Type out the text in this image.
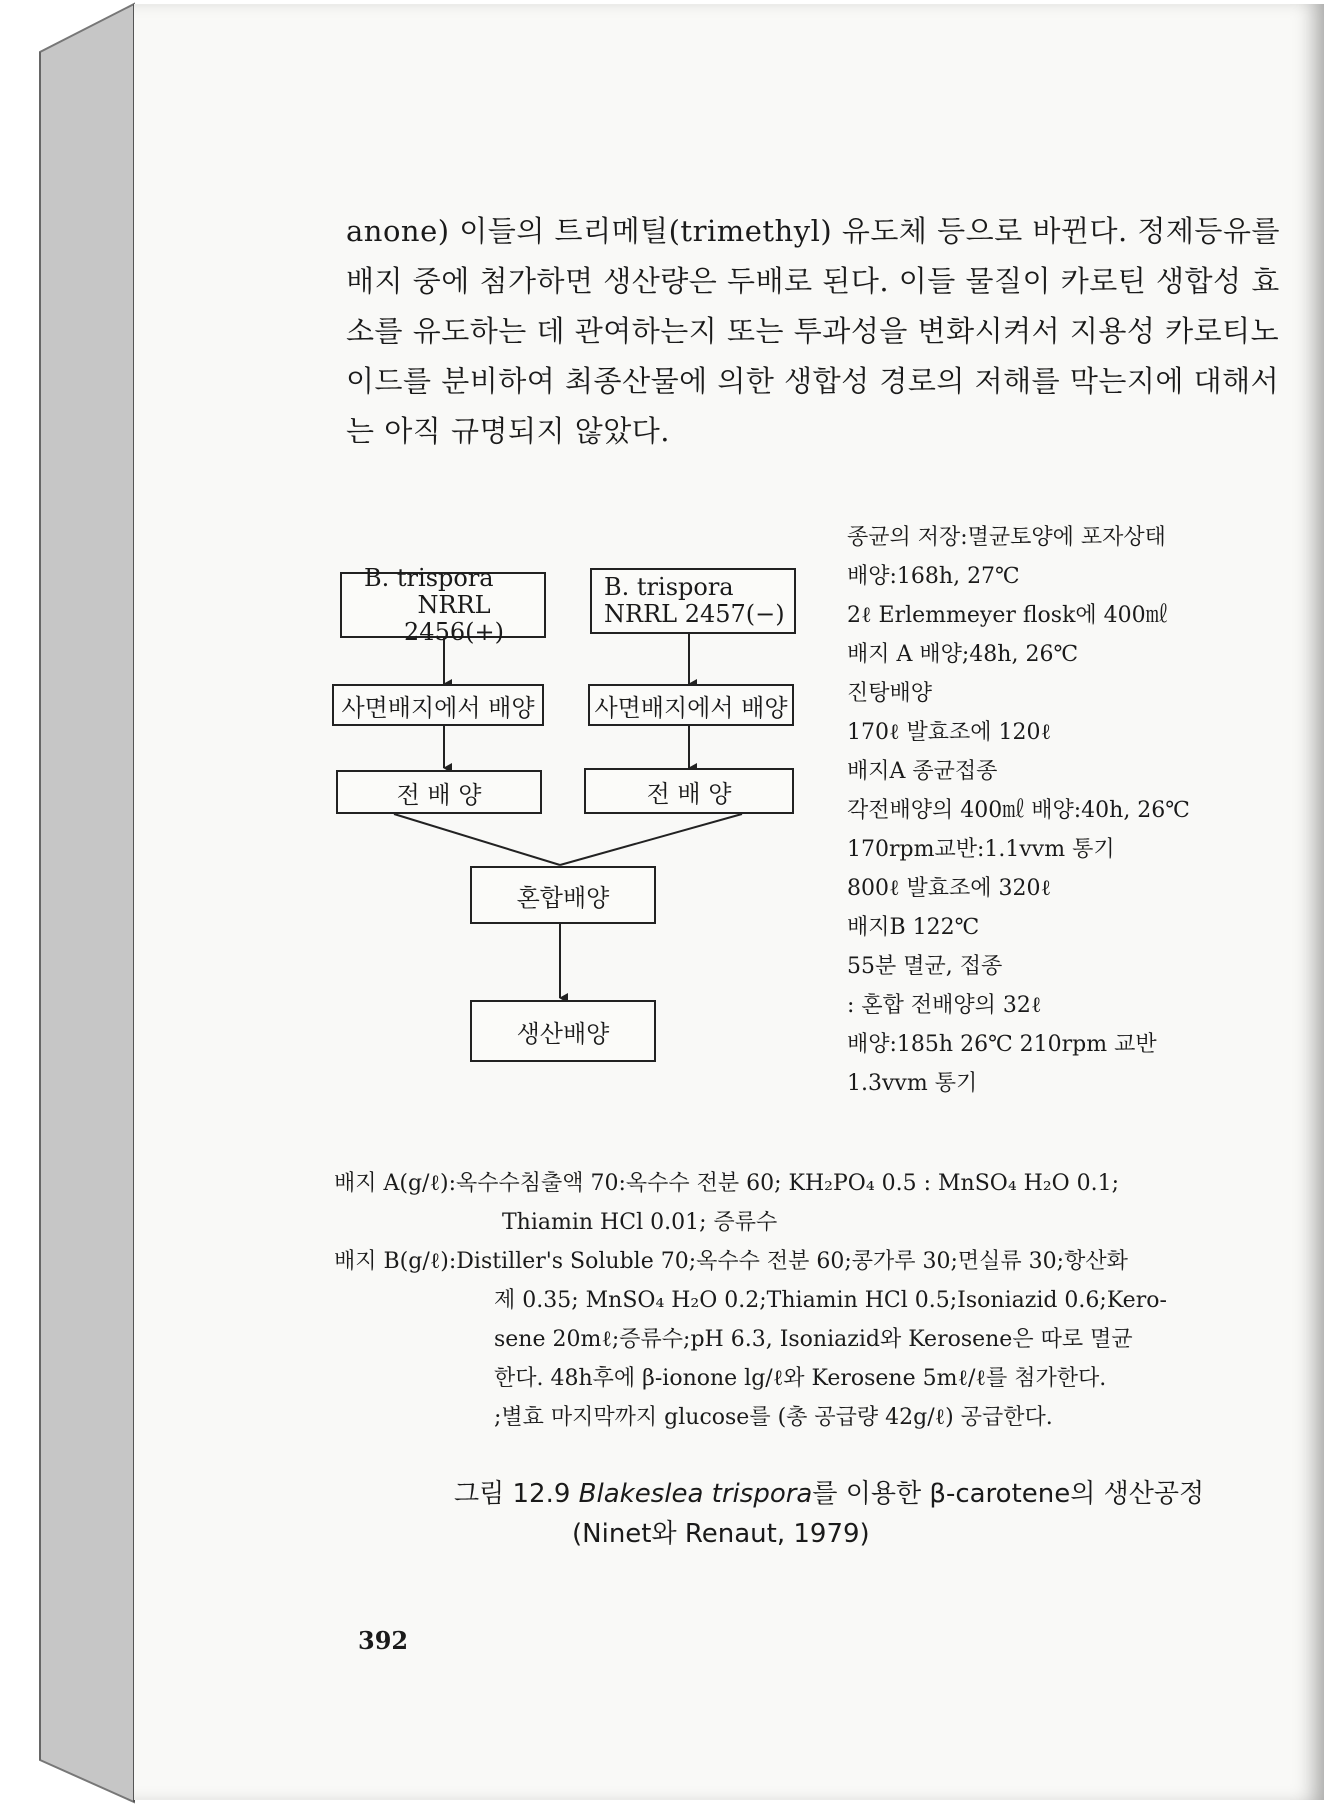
anone) 이들의 트리메틸(trimethyl) 유도체 등으로 바뀐다. 정제등유를

배지 중에 첨가하면 생산량은 두배로 된다. 이들 물질이 카로틴 생합성 효

소를 유도하는 데 관여하는지 또는 투과성을 변화시켜서 지용성 카로티노

이드를 분비하여 최종산물에 의한 생합성 경로의 저해를 막는지에 대해서

는 아직 규명되지 않았다.

B. trispora
NRRL 2456(+)
B. trispora
NRRL 2457(−)
사면배지에서 배양 사면배지에서 배양
전 배 양	전 배 양
혼합배양
생산배양
종균의 저장:멸균토양에 포자상태
배양:168h, 27℃
2ℓ Erlemmeyer flosk에 400㎖
배지 A 배양;48h, 26℃
진탕배양
170ℓ 발효조에 120ℓ
배지A 종균접종
각전배양의 400㎖ 배양:40h, 26℃
170rpm교반:1.1vvm 통기
800ℓ 발효조에 320ℓ
배지B 122℃
55분 멸균, 접종
: 혼합 전배양의 32ℓ
배양:185h 26℃ 210rpm 교반
1.3vvm 통기
배지 A(g/ℓ):옥수수침출액 70:옥수수 전분 60; KH₂PO₄ 0.5 : MnSO₄ H₂O 0.1;
Thiamin HCl 0.01; 증류수
배지 B(g/ℓ):Distiller's Soluble 70;옥수수 전분 60;콩가루 30;면실류 30;항산화
제 0.35; MnSO₄ H₂O 0.2;Thiamin HCl 0.5;Isoniazid 0.6;Kero-
sene 20mℓ;증류수;pH 6.3, Isoniazid와 Kerosene은 따로 멸균
한다. 48h후에 β-ionone lg/ℓ와 Kerosene 5mℓ/ℓ를 첨가한다.
;별효 마지막까지 glucose를 (총 공급량 42g/ℓ) 공급한다.
그림 12.9 Blakeslea trispora를 이용한 β-carotene의 생산공정
(Ninet와 Renaut, 1979)
392
